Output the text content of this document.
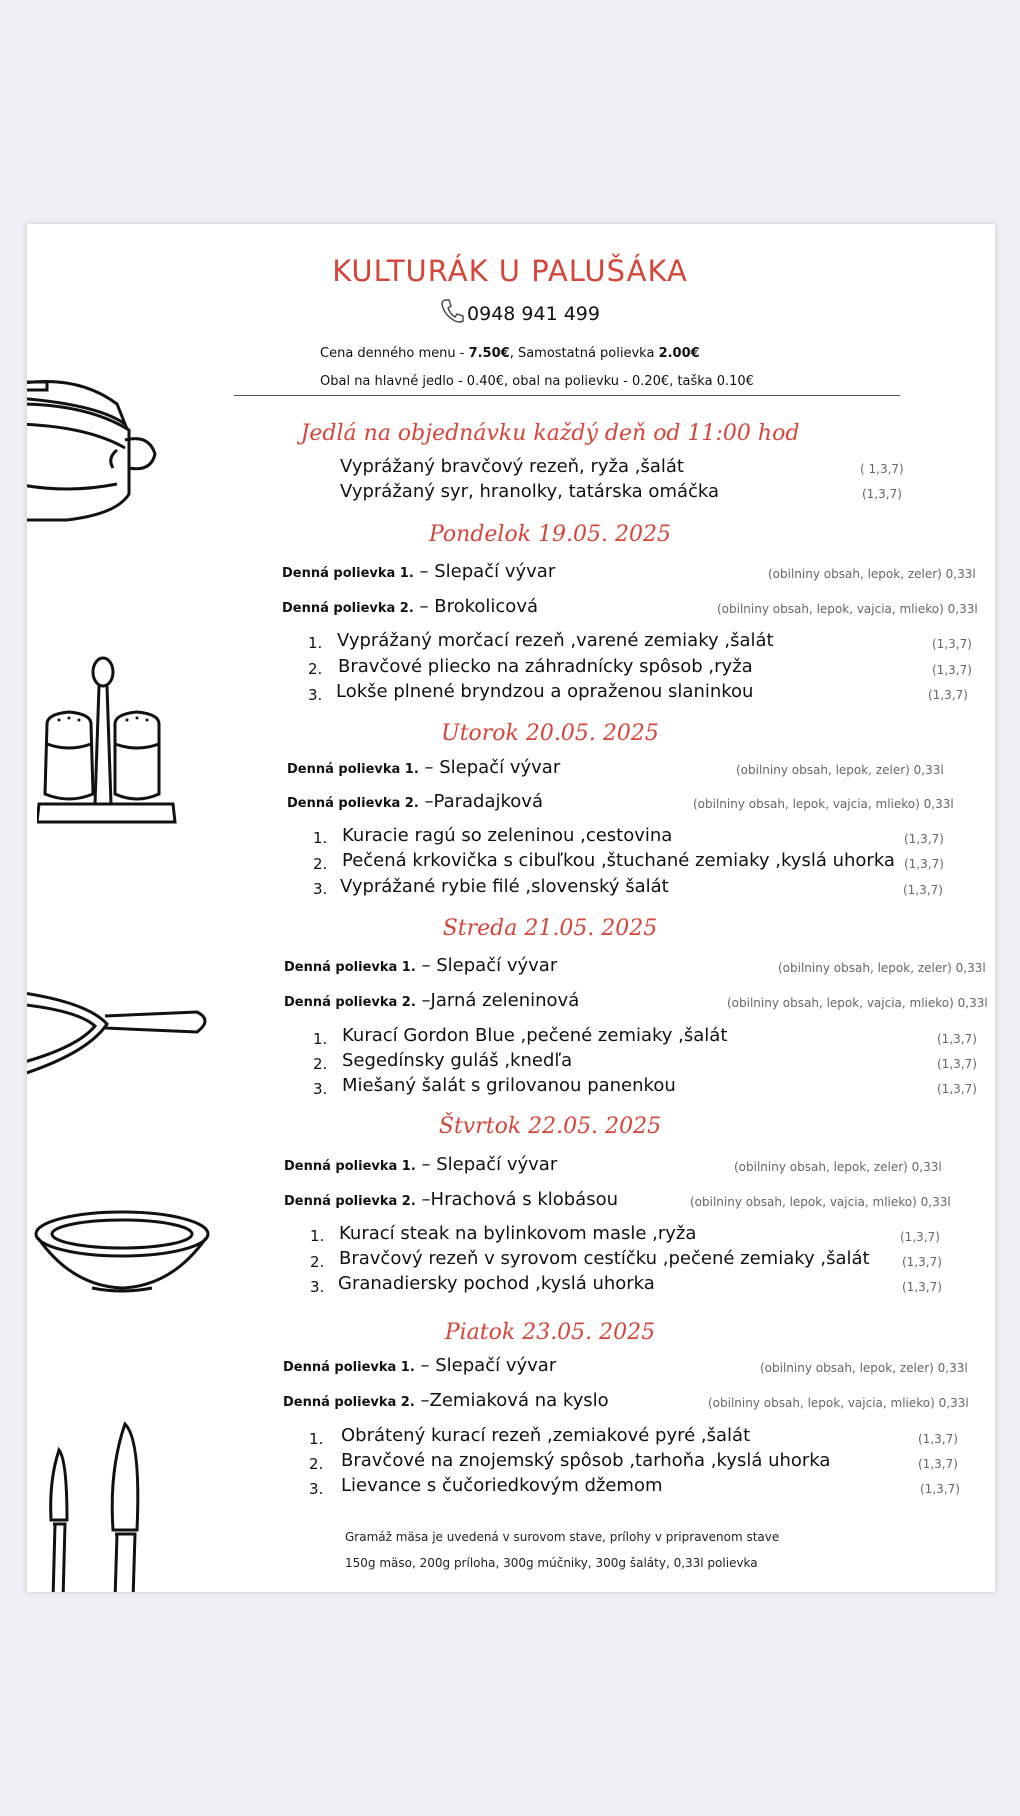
KULTURÁK U PALUŠÁKA
0948 941 499
Cena denného menu - 7.50€, Samostatná polievka 2.00€
Obal na hlavné jedlo - 0.40€, obal na polievku - 0.20€, taška 0.10€
Jedlá na objednávku každý deň od 11:00 hod
Vyprážaný bravčový rezeň, ryža ,šalát	( 1,3,7)
Vyprážaný syr, hranolky, tatárska omáčka	(1,3,7)
Pondelok 19.05. 2025
Denná polievka 1. – Slepačí vývar	(obilniny obsah, lepok, zeler) 0,33l
Denná polievka 2. – Brokolicová	(obilniny obsah, lepok, vajcia, mlieko) 0,33l
1. Vyprážaný morčací rezeň ,varené zemiaky ,šalát	(1,3,7)
2. Bravčové pliecko na záhradnícky spôsob ,ryža	(1,3,7)
3. Lokše plnené bryndzou a opraženou slaninkou	(1,3,7)
Utorok 20.05. 2025
Denná polievka 1. – Slepačí vývar	(obilniny obsah, lepok, zeler) 0,33l
Denná polievka 2. –Paradajková	(obilniny obsah, lepok, vajcia, mlieko) 0,33l
1. Kuracie ragú so zeleninou ,cestovina	(1,3,7)
2. Pečená krkovička s cibuľkou ,štuchané zemiaky ,kyslá uhorka (1,3,7)
3. Vyprážané rybie filé ,slovenský šalát	(1,3,7)
Streda 21.05. 2025
Denná polievka 1. – Slepačí vývar	(obilniny obsah, lepok, zeler) 0,33l
Denná polievka 2. –Jarná zeleninová	(obilniny obsah, lepok, vajcia, mlieko) 0,33l
1. Kurací Gordon Blue ,pečené zemiaky ,šalát	(1,3,7)
2. Segedínsky guláš ,knedľa	(1,3,7)
3. Miešaný šalát s grilovanou panenkou	(1,3,7)
Štvrtok 22.05. 2025
Denná polievka 1. – Slepačí vývar	(obilniny obsah, lepok, zeler) 0,33l
Denná polievka 2. –Hrachová s klobásou	(obilniny obsah, lepok, vajcia, mlieko) 0,33l
1. Kurací steak na bylinkovom masle ,ryža	(1,3,7)
2. Bravčový rezeň v syrovom cestíčku ,pečené zemiaky ,šalát	(1,3,7)
3. Granadiersky pochod ,kyslá uhorka	(1,3,7)
Piatok 23.05. 2025
Denná polievka 1. – Slepačí vývar	(obilniny obsah, lepok, zeler) 0,33l
Denná polievka 2. –Zemiaková na kyslo	(obilniny obsah, lepok, vajcia, mlieko) 0,33l
1. Obrátený kurací rezeň ,zemiakové pyré ,šalát	(1,3,7)
2. Bravčové na znojemský spôsob ,tarhoňa ,kyslá uhorka	(1,3,7)
3. Lievance s čučoriedkovým džemom	(1,3,7)
Gramáž mäsa je uvedená v surovom stave, prílohy v pripravenom stave
150g mäso, 200g príloha, 300g múčniky, 300g šaláty, 0,33l polievka
